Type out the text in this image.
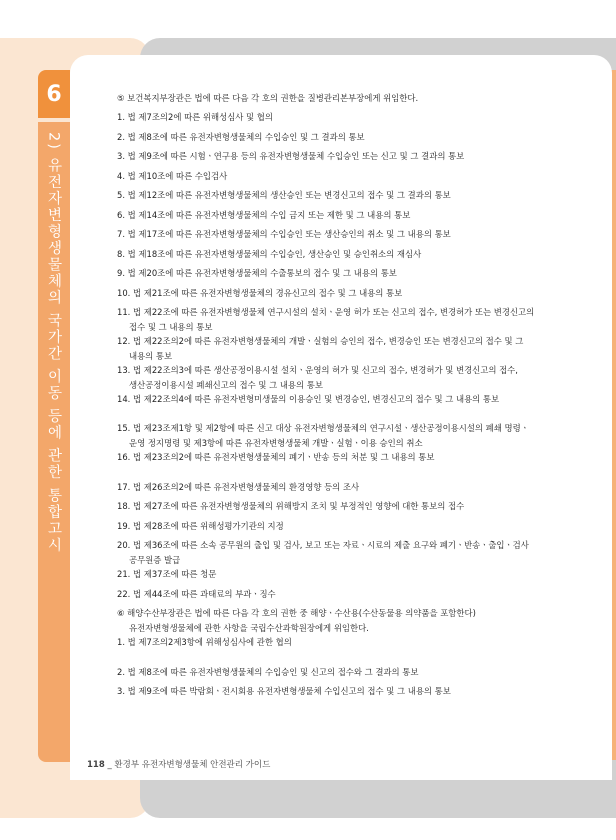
6
2) 유전자변형생물체의 국가간 이동 등에 관한 통합고시
⑤ 보건복지부장관은 법에 따른 다음 각 호의 권한을 질병관리본부장에게 위임한다.
1. 법 제7조의2에 따른 위해성심사 및 협의
2. 법 제8조에 따른 유전자변형생물체의 수입승인 및 그 결과의 통보
3. 법 제9조에 따른 시험ㆍ연구용 등의 유전자변형생물체 수입승인 또는 신고 및 그 결과의 통보
4. 법 제10조에 따른 수입검사
5. 법 제12조에 따른 유전자변형생물체의 생산승인 또는 변경신고의 접수 및 그 결과의 통보
6. 법 제14조에 따른 유전자변형생물체의 수입 금지 또는 제한 및 그 내용의 통보
7. 법 제17조에 따른 유전자변형생물체의 수입승인 또는 생산승인의 취소 및 그 내용의 통보
8. 법 제18조에 따른 유전자변형생물체의 수입승인, 생산승인 및 승인취소의 재심사
9. 법 제20조에 따른 유전자변형생물체의 수출통보의 접수 및 그 내용의 통보
10. 법 제21조에 따른 유전자변형생물체의 경유신고의 접수 및 그 내용의 통보
11. 법 제22조에 따른 유전자변형생물체 연구시설의 설치ㆍ운영 허가 또는 신고의 접수, 변경허가 또는 변경신고의
접수 및 그 내용의 통보
12. 법 제22조의2에 따른 유전자변형생물체의 개발ㆍ실험의 승인의 접수, 변경승인 또는 변경신고의 접수 및 그
내용의 통보
13. 법 제22조의3에 따른 생산공정이용시설 설치ㆍ운영의 허가 및 신고의 접수, 변경허가 및 변경신고의 접수,
생산공정이용시설 폐쇄신고의 접수 및 그 내용의 통보
14. 법 제22조의4에 따른 유전자변형미생물의 이용승인 및 변경승인, 변경신고의 접수 및 그 내용의 통보
15. 법 제23조제1항 및 제2항에 따른 신고 대상 유전자변형생물체의 연구시설ㆍ생산공정이용시설의 폐쇄 명령ㆍ
운영 정지명령 및 제3항에 따른 유전자변형생물체 개발ㆍ실험ㆍ이용 승인의 취소
16. 법 제23조의2에 따른 유전자변형생물체의 폐기ㆍ반송 등의 처분 및 그 내용의 통보
17. 법 제26조의2에 따른 유전자변형생물체의 환경영향 등의 조사
18. 법 제27조에 따른 유전자변형생물체의 위해방지 조치 및 부정적인 영향에 대한 통보의 접수
19. 법 제28조에 따른 위해성평가기관의 지정
20. 법 제36조에 따른 소속 공무원의 출입 및 검사, 보고 또는 자료ㆍ시료의 제출 요구와 폐기ㆍ반송ㆍ출입ㆍ검사
공무원증 발급
21. 법 제37조에 따른 청문
22. 법 제44조에 따른 과태료의 부과ㆍ징수
⑥ 해양수산부장관은 법에 따른 다음 각 호의 권한 중 해양ㆍ수산용(수산동물용 의약품을 포함한다)
유전자변형생물체에 관한 사항을 국립수산과학원장에게 위임한다.
1. 법 제7조의2제3항에 위해성심사에 관한 협의
2. 법 제8조에 따른 유전자변형생물체의 수입승인 및 신고의 접수와 그 결과의 통보
3. 법 제9조에 따른 박람회ㆍ전시회용 유전자변형생물체 수입신고의 접수 및 그 내용의 통보
118 _ 환경부 유전자변형생물체 안전관리 가이드
